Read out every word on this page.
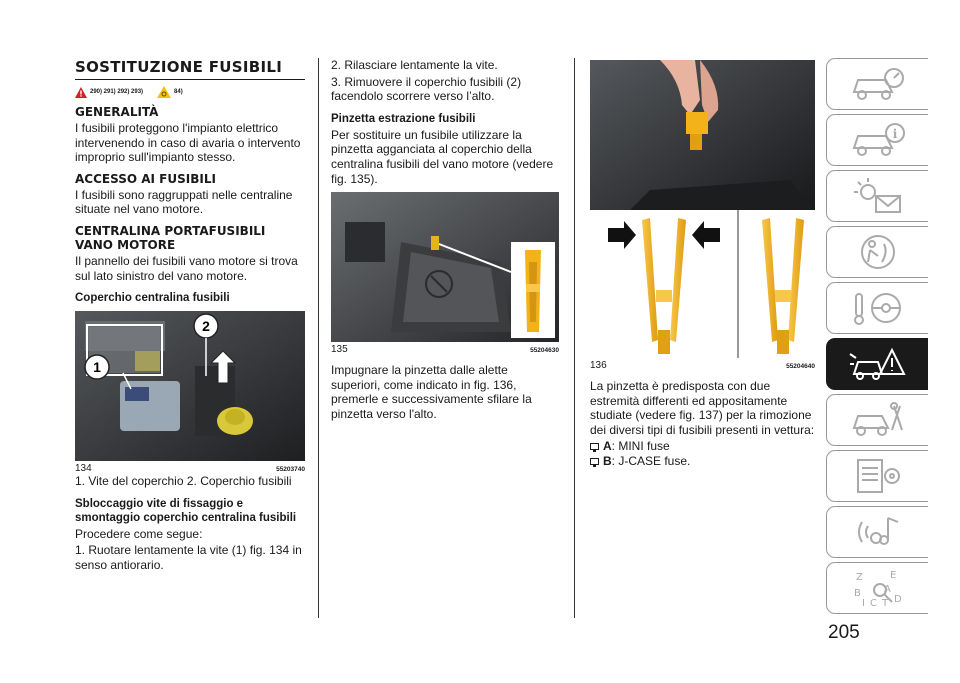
SOSTITUZIONE FUSIBILI
290) 291) 292) 293)	84)
GENERALITÀ

I fusibili proteggono l'impianto elettrico intervenendo in caso di avaria o intervento improprio sull'impianto stesso.

ACCESSO AI FUSIBILI

I fusibili sono raggruppati nelle centraline situate nel vano motore.

CENTRALINA PORTAFUSIBILI VANO MOTORE

Il pannello dei fusibili vano motore si trova sul lato sinistro del vano motore.

Coperchio centralina fusibili
1
2
134	55203740

1. Vite del coperchio 2. Coperchio fusibili

Sbloccaggio vite di fissaggio e smontaggio coperchio centralina fusibili

Procedere come segue:

1. Ruotare lentamente la vite (1) fig. 134 in senso antiorario.

2. Rilasciare lentamente la vite.

3. Rimuovere il coperchio fusibili (2) facendolo scorrere verso l’alto.

Pinzetta estrazione fusibili

Per sostituire un fusibile utilizzare la pinzetta agganciata al coperchio della centralina fusibili del vano motore (vedere fig. 135).

135	55204630

Impugnare la pinzetta dalle alette superiori, come indicato in fig. 136, premerle e successivamente sfilare la pinzetta verso l'alto.

136	55204640

La pinzetta è predisposta con due estremità differenti ed appositamente studiate (vedere fig. 137) per la rimozione dei diversi tipi di fusibili presenti in vettura:

A: MINI fuse
B: J-CASE fuse.
i
Z	E
B A
I C D
T
205
